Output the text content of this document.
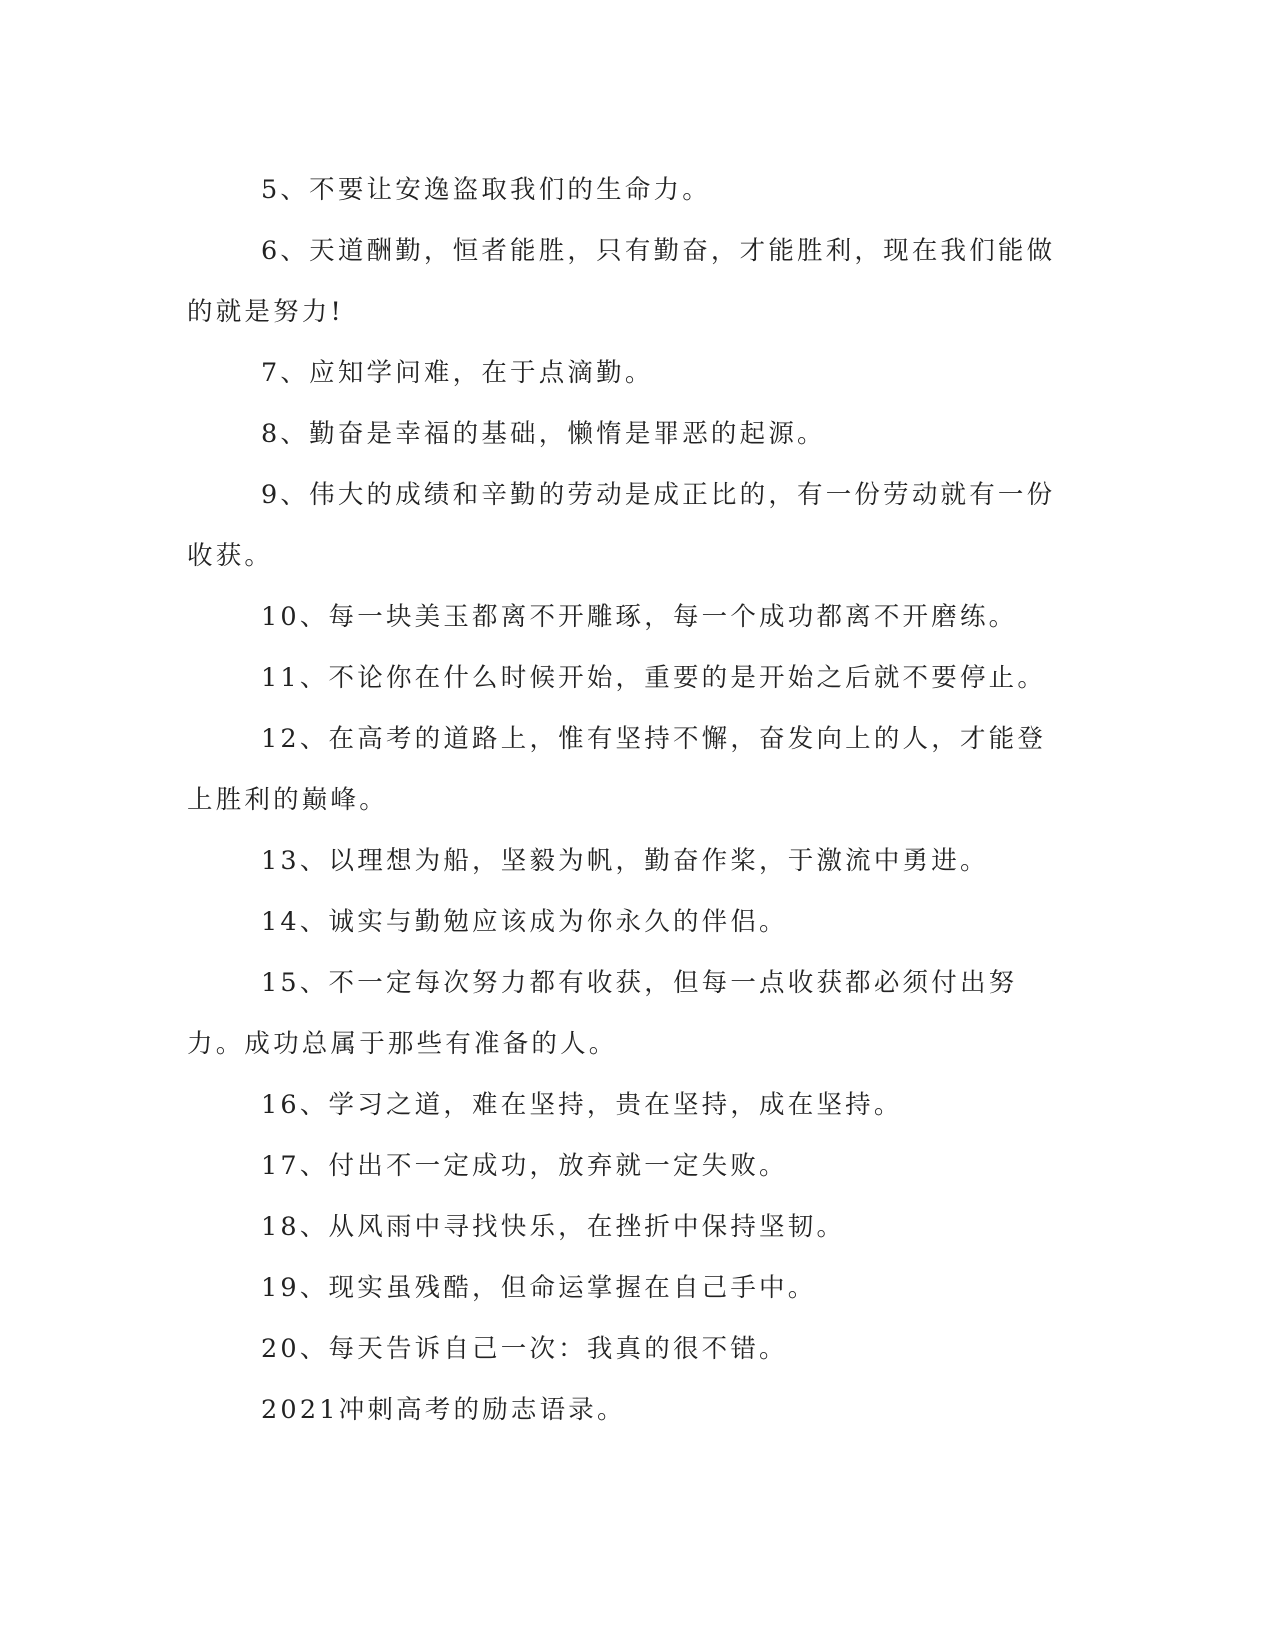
5、不要让安逸盗取我们的生命力。

6、天道酬勤，恒者能胜，只有勤奋，才能胜利，现在我们能做的就是努力!

7、应知学问难，在于点滴勤。

8、勤奋是幸福的基础，懒惰是罪恶的起源。

9、伟大的成绩和辛勤的劳动是成正比的，有一份劳动就有一份收获。

10、每一块美玉都离不开雕琢，每一个成功都离不开磨练。

11、不论你在什么时候开始，重要的是开始之后就不要停止。

12、在高考的道路上，惟有坚持不懈，奋发向上的人，才能登上胜利的巅峰。

13、以理想为船，坚毅为帆，勤奋作桨，于激流中勇进。

14、诚实与勤勉应该成为你永久的伴侣。

15、不一定每次努力都有收获，但每一点收获都必须付出努力。成功总属于那些有准备的人。

16、学习之道，难在坚持，贵在坚持，成在坚持。

17、付出不一定成功，放弃就一定失败。

18、从风雨中寻找快乐，在挫折中保持坚韧。

19、现实虽残酷，但命运掌握在自己手中。

20、每天告诉自己一次：我真的很不错。

2021冲刺高考的励志语录。
